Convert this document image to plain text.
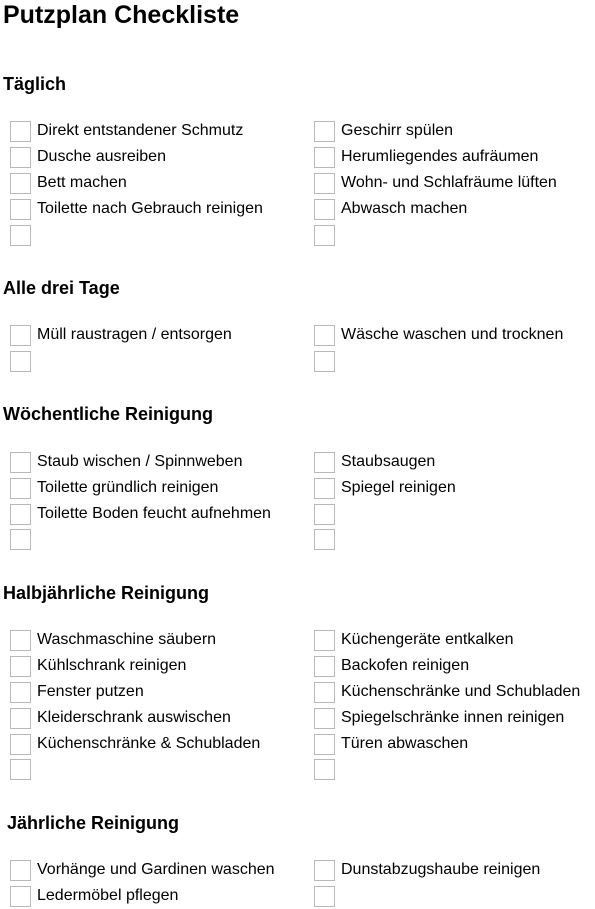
Putzplan Checkliste
Täglich
Direkt entstandener Schmutz
Dusche ausreiben
Bett machen
Toilette nach Gebrauch reinigen
Geschirr spülen
Herumliegendes aufräumen
Wohn- und Schlafräume lüften
Abwasch machen
Alle drei Tage
Müll raustragen / entsorgen	Wäsche waschen und trocknen
Wöchentliche Reinigung
Staub wischen / Spinnweben
Toilette gründlich reinigen
Toilette Boden feucht aufnehmen
Staubsaugen
Spiegel reinigen
Halbjährliche Reinigung
Waschmaschine säubern
Kühlschrank reinigen
Fenster putzen
Kleiderschrank auswischen
Küchenschränke & Schubladen
Küchengeräte entkalken
Backofen reinigen
Küchenschränke und Schubladen
Spiegelschränke innen reinigen
Türen abwaschen
Jährliche Reinigung
Vorhänge und Gardinen waschen
Ledermöbel pflegen
Dunstabzugshaube reinigen
